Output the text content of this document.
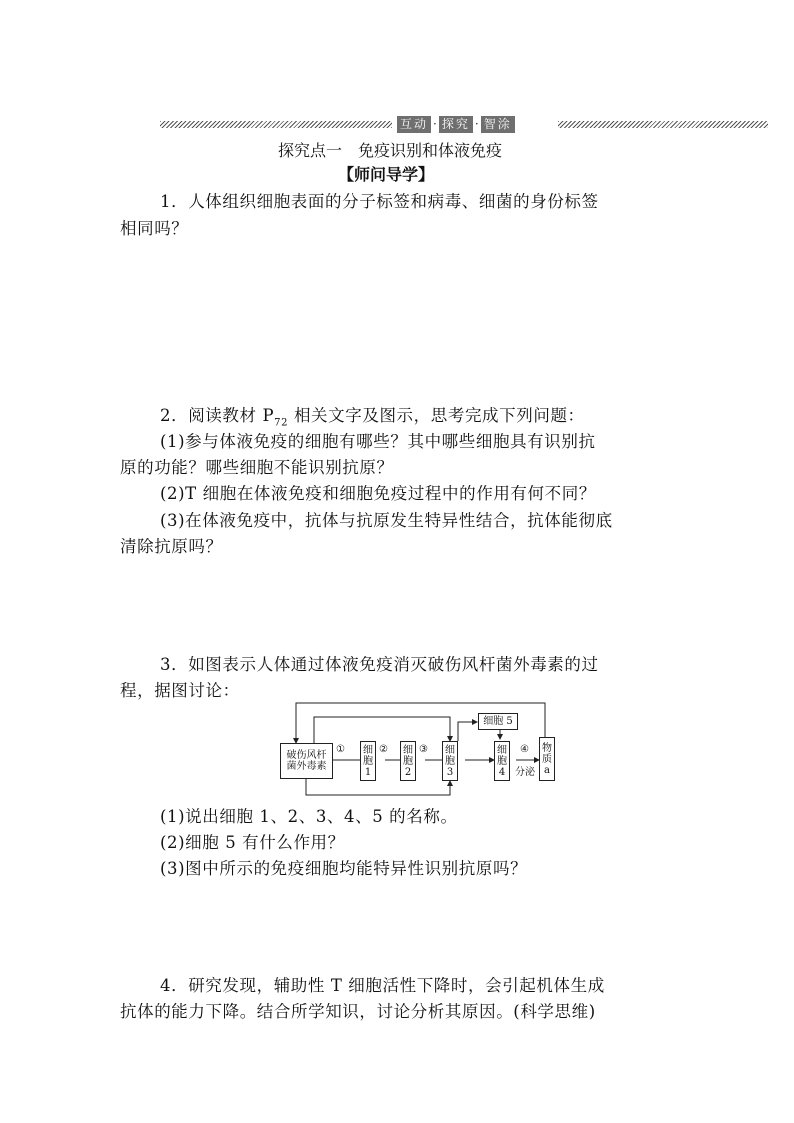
互动 · 探究 · 智涂
探究点一　免疫识别和体液免疫
【师问导学】
1．人体组织细胞表面的分子标签和病毒、细菌的身份标签
相同吗？
2．阅读教材 $P_{72}$ 相关文字及图示，思考完成下列问题：
(1)参与体液免疫的细胞有哪些？其中哪些细胞具有识别抗
原的功能？哪些细胞不能识别抗原？
(2)T 细胞在体液免疫和细胞免疫过程中的作用有何不同？
(3)在体液免疫中，抗体与抗原发生特异性结合，抗体能彻底
清除抗原吗？
3．如图表示人体通过体液免疫消灭破伤风杆菌外毒素的过
程，据图讨论：
破伤风杆
菌外毒素
① 细
胞
1
② 细
胞
2
③ 细
胞
3
细胞 5
细
胞
4
④
分泌
物
质
a
(1)说出细胞 1、2、3、4、5 的名称。
(2)细胞 5 有什么作用？
(3)图中所示的免疫细胞均能特异性识别抗原吗？
4．研究发现，辅助性 T 细胞活性下降时，会引起机体生成
抗体的能力下降。结合所学知识，讨论分析其原因。(科学思维)
